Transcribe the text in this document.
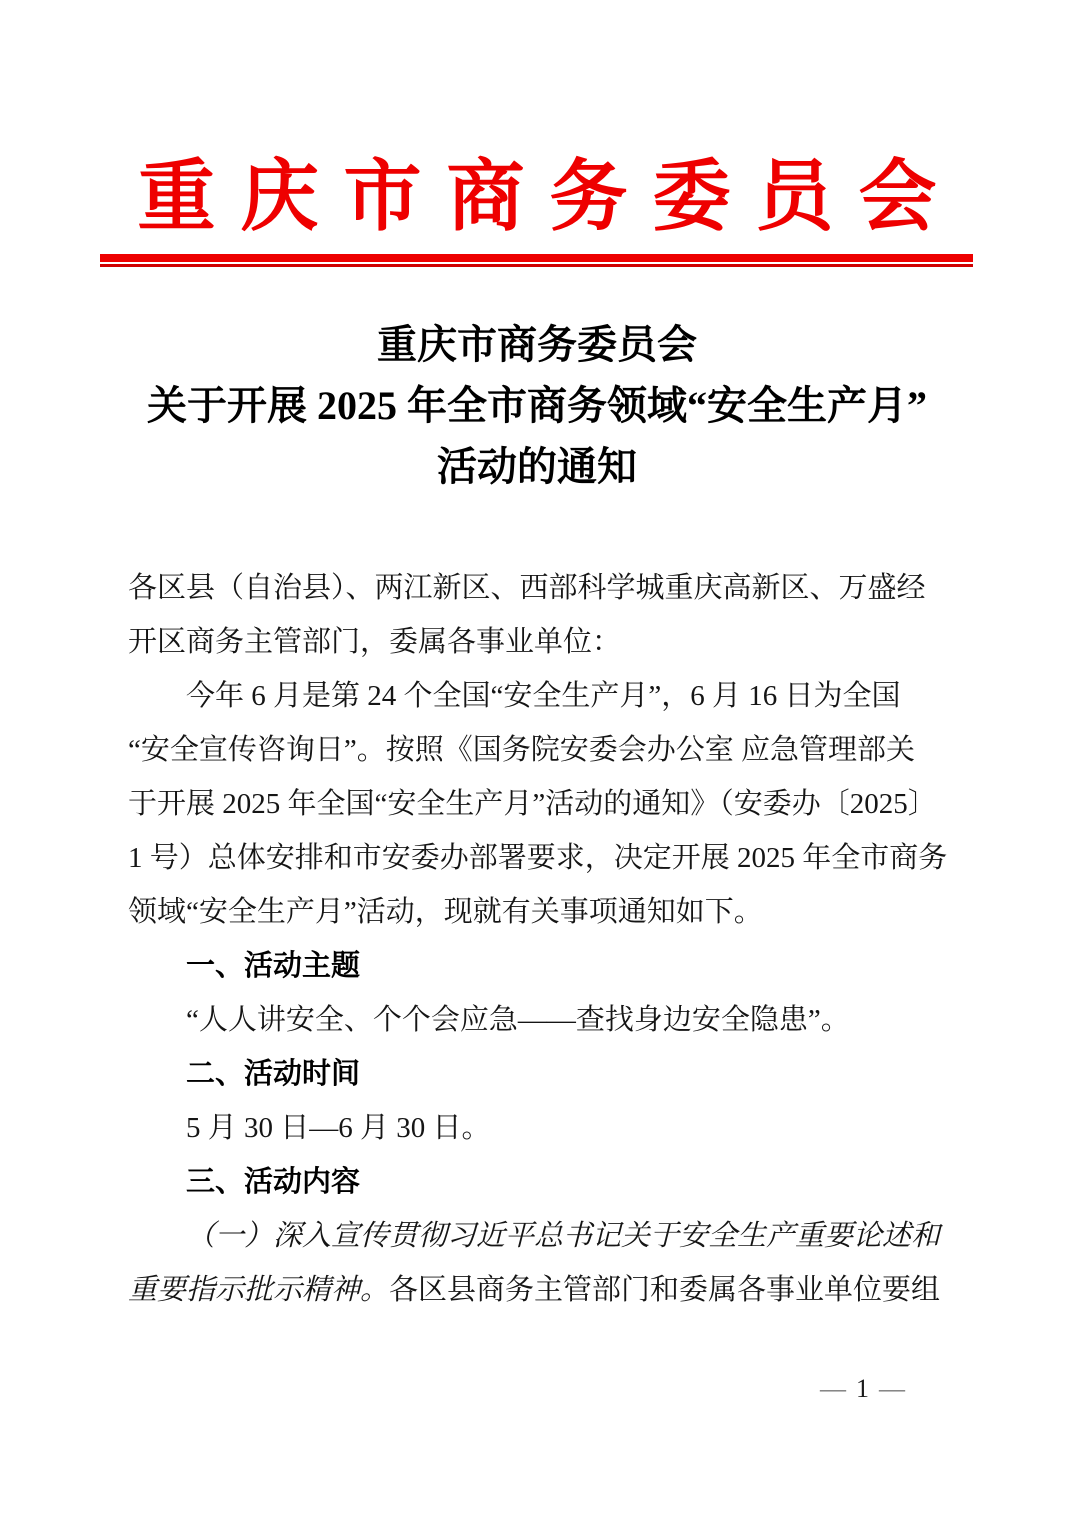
重庆市商务委员会
重庆市商务委员会
关于开展 2025 年全市商务领域“安全生产月”
活动的通知
各区县（自治县）、两江新区、西部科学城重庆高新区、万盛经
开区商务主管部门，委属各事业单位：
今年 6 月是第 24 个全国“安全生产月”，6 月 16 日为全国
“安全宣传咨询日”。按照《国务院安委会办公室 应急管理部关
于开展 2025 年全国“安全生产月”活动的通知》（安委办〔2025〕
1 号）总体安排和市安委办部署要求，决定开展 2025 年全市商务
领域“安全生产月”活动，现就有关事项通知如下。
一、活动主题
“人人讲安全、个个会应急——查找身边安全隐患”。
二、活动时间
5 月 30 日—6 月 30 日。
三、活动内容
（一）深入宣传贯彻习近平总书记关于安全生产重要论述和
重要指示批示精神。各区县商务主管部门和委属各事业单位要组
— 1 —
